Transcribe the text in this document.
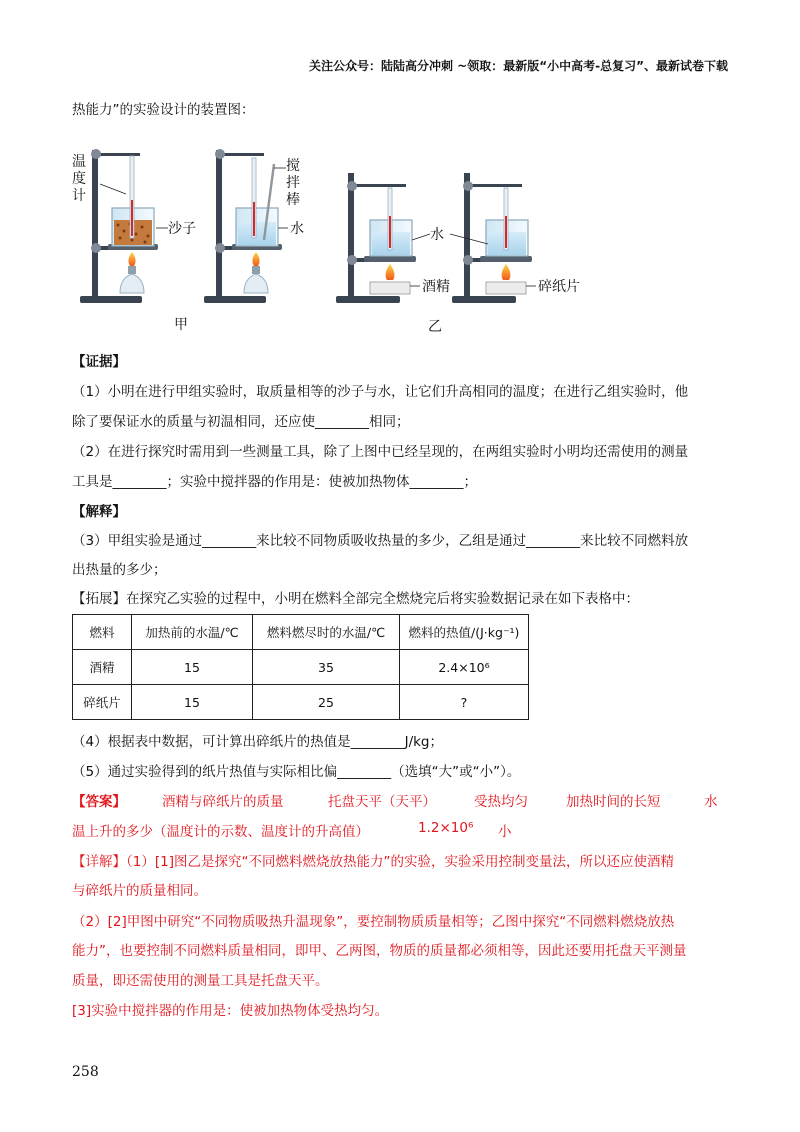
关注公众号：陆陆高分冲刺 ~领取：最新版“小中高考-总复习”、最新试卷下载
热能力”的实验设计的装置图：
温度计
沙子
搅拌棒
水	水
酒精	碎纸片
甲	乙
【证据】
（1）小明在进行甲组实验时，取质量相等的沙子与水，让它们升高相同的温度；在进行乙组实验时，他
除了要保证水的质量与初温相同，还应使________相同；
（2）在进行探究时需用到一些测量工具，除了上图中已经呈现的，在两组实验时小明均还需使用的测量
工具是________；实验中搅拌器的作用是：使被加热物体________；
【解释】
（3）甲组实验是通过________来比较不同物质吸收热量的多少，乙组是通过________来比较不同燃料放
出热量的多少；
【拓展】在探究乙实验的过程中，小明在燃料全部完全燃烧完后将实验数据记录在如下表格中：
燃料	加热前的水温/℃	燃料燃尽时的水温/℃	燃料的热值/(J·kg⁻¹)
酒精	15	35	2.4×10⁶
碎纸片	15	25	?
（4）根据表中数据，可计算出碎纸片的热值是________J/kg；
（5）通过实验得到的纸片热值与实际相比偏________（选填“大”或“小”）。
【答案】	酒精与碎纸片的质量	托盘天平（天平）	受热均匀	加热时间的长短	水
温上升的多少（温度计的示数、温度计的升高值）	1.2×10⁶ 小
【详解】（1）[1]图乙是探究“不同燃料燃烧放热能力”的实验，实验采用控制变量法，所以还应使酒精
与碎纸片的质量相同。
（2）[2]甲图中研究“不同物质吸热升温现象”，要控制物质质量相等；乙图中探究“不同燃料燃烧放热
能力”，也要控制不同燃料质量相同，即甲、乙两图，物质的质量都必须相等，因此还要用托盘天平测量
质量，即还需使用的测量工具是托盘天平。
[3]实验中搅拌器的作用是：使被加热物体受热均匀。
258
